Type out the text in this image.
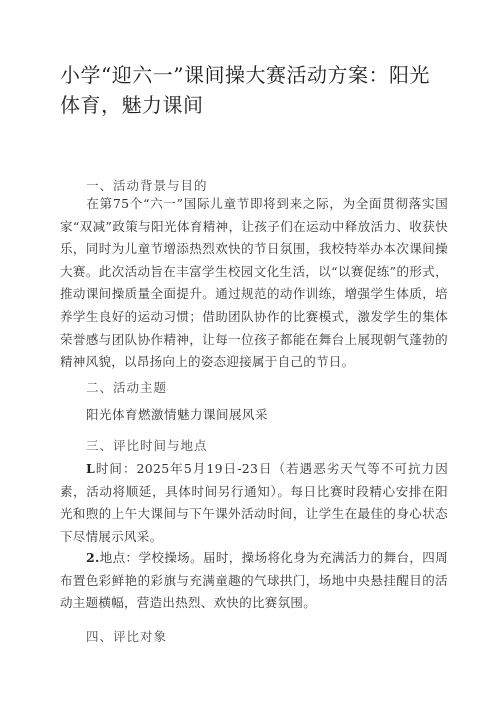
小学“迎六一”课间操大赛活动方案：阳光体育，魅力课间
一、活动背景与目的
在第75个“六一”国际儿童节即将到来之际，为全面贯彻落实国家“双减”政策与阳光体育精神，让孩子们在运动中释放活力、收获快乐，同时为儿童节增添热烈欢快的节日氛围，我校特举办本次课间操大赛。此次活动旨在丰富学生校园文化生活，以“以赛促练”的形式，推动课间操质量全面提升。通过规范的动作训练，增强学生体质，培养学生良好的运动习惯；借助团队协作的比赛模式，激发学生的集体荣誉感与团队协作精神，让每一位孩子都能在舞台上展现朝气蓬勃的精神风貌，以昂扬向上的姿态迎接属于自己的节日。
二、活动主题
阳光体育燃激情魅力课间展风采
三、评比时间与地点
L时间：2025年5月19日-23日（若遇恶劣天气等不可抗力因素，活动将顺延，具体时间另行通知）。每日比赛时段精心安排在阳光和煦的上午大课间与下午课外活动时间，让学生在最佳的身心状态下尽情展示风采。
2.地点：学校操场。届时，操场将化身为充满活力的舞台，四周布置色彩鲜艳的彩旗与充满童趣的气球拱门，场地中央悬挂醒目的活动主题横幅，营造出热烈、欢快的比赛氛围。
四、评比对象
